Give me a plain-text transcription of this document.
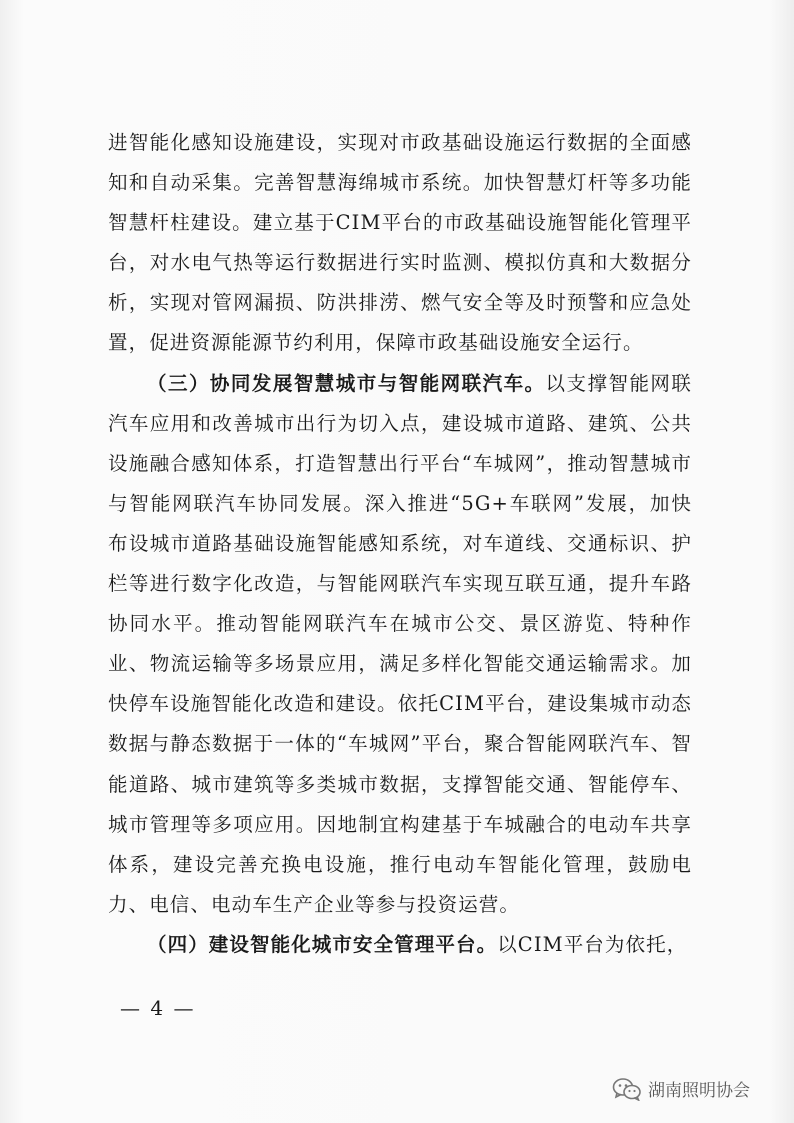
进智能化感知设施建设，实现对市政基础设施运行数据的全面感知和自动采集。完善智慧海绵城市系统。加快智慧灯杆等多功能智慧杆柱建设。建立基于CIM平台的市政基础设施智能化管理平台，对水电气热等运行数据进行实时监测、模拟仿真和大数据分析，实现对管网漏损、防洪排涝、燃气安全等及时预警和应急处置，促进资源能源节约利用，保障市政基础设施安全运行。

（三）协同发展智慧城市与智能网联汽车。以支撑智能网联汽车应用和改善城市出行为切入点，建设城市道路、建筑、公共设施融合感知体系，打造智慧出行平台“车城网”，推动智慧城市与智能网联汽车协同发展。深入推进“5G+车联网”发展，加快布设城市道路基础设施智能感知系统，对车道线、交通标识、护栏等进行数字化改造，与智能网联汽车实现互联互通，提升车路协同水平。推动智能网联汽车在城市公交、景区游览、特种作业、物流运输等多场景应用，满足多样化智能交通运输需求。加快停车设施智能化改造和建设。依托CIM平台，建设集城市动态数据与静态数据于一体的“车城网”平台，聚合智能网联汽车、智能道路、城市建筑等多类城市数据，支撑智能交通、智能停车、城市管理等多项应用。因地制宜构建基于车城融合的电动车共享体系，建设完善充换电设施，推行电动车智能化管理，鼓励电力、电信、电动车生产企业等参与投资运营。

（四）建设智能化城市安全管理平台。以CIM平台为依托，

— 4 —
湖南照明协会
